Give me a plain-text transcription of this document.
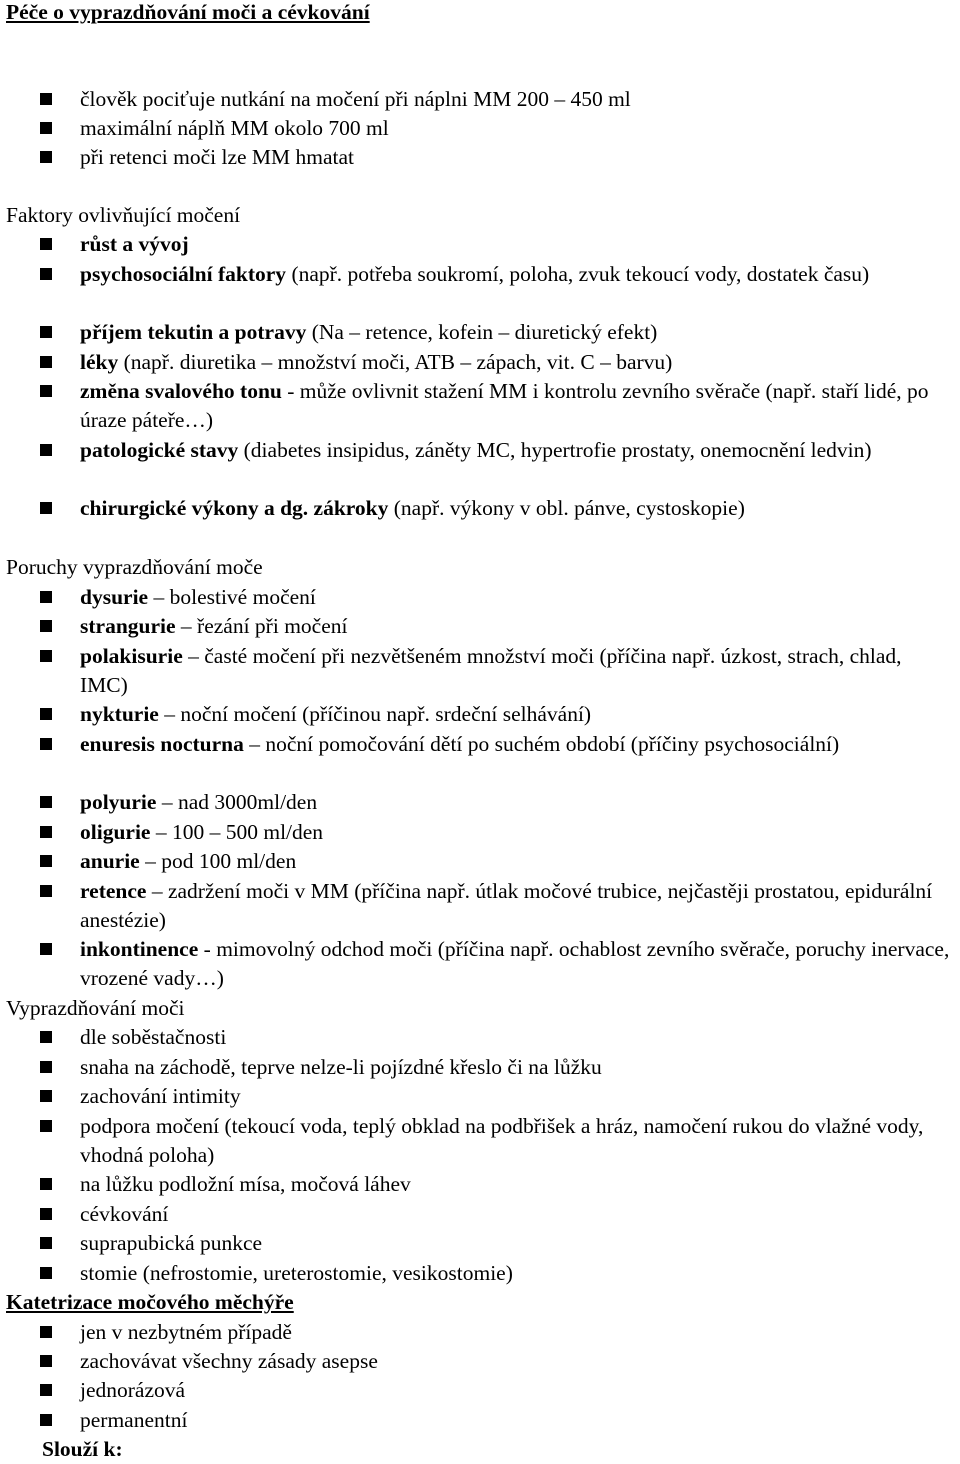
Péče o vyprazdňování moči a cévkování
člověk pociťuje nutkání na močení při náplni MM 200 – 450 ml
maximální náplň MM okolo 700 ml
při retenci moči lze MM hmatat
Faktory ovlivňující močení
růst a vývoj
psychosociální faktory (např. potřeba soukromí, poloha, zvuk tekoucí vody, dostatek času)
příjem tekutin a potravy (Na – retence, kofein – diuretický efekt)
léky (např. diuretika – množství moči, ATB – zápach, vit. C – barvu)
změna svalového tonu - může ovlivnit stažení MM i kontrolu zevního svěrače (např. staří lidé, po úraze páteře…)
patologické stavy (diabetes insipidus, záněty MC, hypertrofie prostaty, onemocnění ledvin)
chirurgické výkony a dg. zákroky (např. výkony v obl. pánve, cystoskopie)
Poruchy vyprazdňování moče
dysurie – bolestivé močení
strangurie – řezání při močení
polakisurie – časté močení při nezvětšeném množství moči (příčina např. úzkost, strach, chlad, IMC)
nykturie – noční močení (příčinou např. srdeční selhávání)
enuresis nocturna – noční pomočování dětí po suchém období (příčiny psychosociální)
polyurie – nad 3000ml/den
oligurie – 100 – 500 ml/den
anurie – pod 100 ml/den
retence – zadržení moči v MM (příčina např. útlak močové trubice, nejčastěji prostatou, epidurální anestézie)
inkontinence - mimovolný odchod moči (příčina např. ochablost zevního svěrače, poruchy inervace, vrozené vady…)
Vyprazdňování moči
dle soběstačnosti
snaha na záchodě, teprve nelze-li pojízdné křeslo či na lůžku
zachování intimity
podpora močení (tekoucí voda, teplý obklad na podbřišek a hráz, namočení rukou do vlažné vody, vhodná poloha)
na lůžku podložní mísa, močová láhev
cévkování
suprapubická punkce
stomie (nefrostomie, ureterostomie, vesikostomie)
Katetrizace močového měchýře
jen v nezbytném případě
zachovávat všechny zásady asepse
jednorázová
permanentní
Slouží k:
